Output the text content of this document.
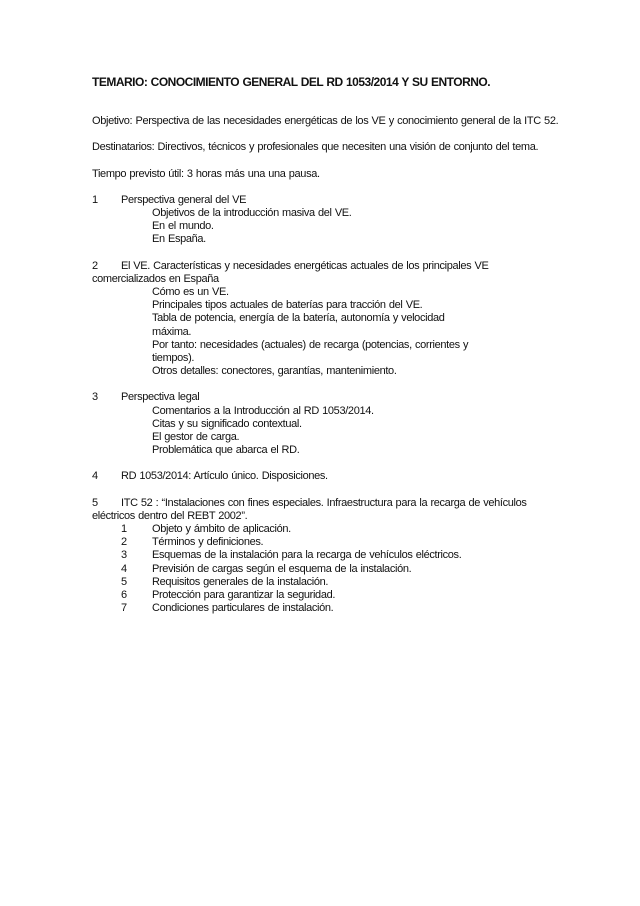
TEMARIO: CONOCIMIENTO GENERAL DEL RD 1053/2014 Y SU ENTORNO.
Objetivo: Perspectiva de las necesidades energéticas de los VE y conocimiento general de la ITC 52.
Destinatarios: Directivos, técnicos y profesionales que necesiten una visión de conjunto del tema.
Tiempo previsto útil: 3 horas más una una pausa.
1 Perspectiva general del VE
Objetivos de la introducción masiva del VE.
En el mundo.
En España.
2 El VE. Características y necesidades energéticas actuales de los principales VE comercializados en España
Cómo es un VE.
Principales tipos actuales de baterías para tracción del VE.
Tabla de potencia, energía de la batería, autonomía y velocidad máxima.
Por tanto: necesidades (actuales) de recarga (potencias, corrientes y tiempos).
Otros detalles: conectores, garantías, mantenimiento.
3 Perspectiva legal
Comentarios a la Introducción al RD 1053/2014.
Citas y su significado contextual.
El gestor de carga.
Problemática que abarca el RD.
4 RD 1053/2014: Artículo único. Disposiciones.
5 ITC 52 : “Instalaciones con fines especiales. Infraestructura para la recarga de vehículos eléctricos dentro del REBT 2002”.
1 Objeto y ámbito de aplicación.
2 Términos y definiciones.
3 Esquemas de la instalación para la recarga de vehículos eléctricos.
4 Previsión de cargas según el esquema de la instalación.
5 Requisitos generales de la instalación.
6 Protección para garantizar la seguridad.
7 Condiciones particulares de instalación.
